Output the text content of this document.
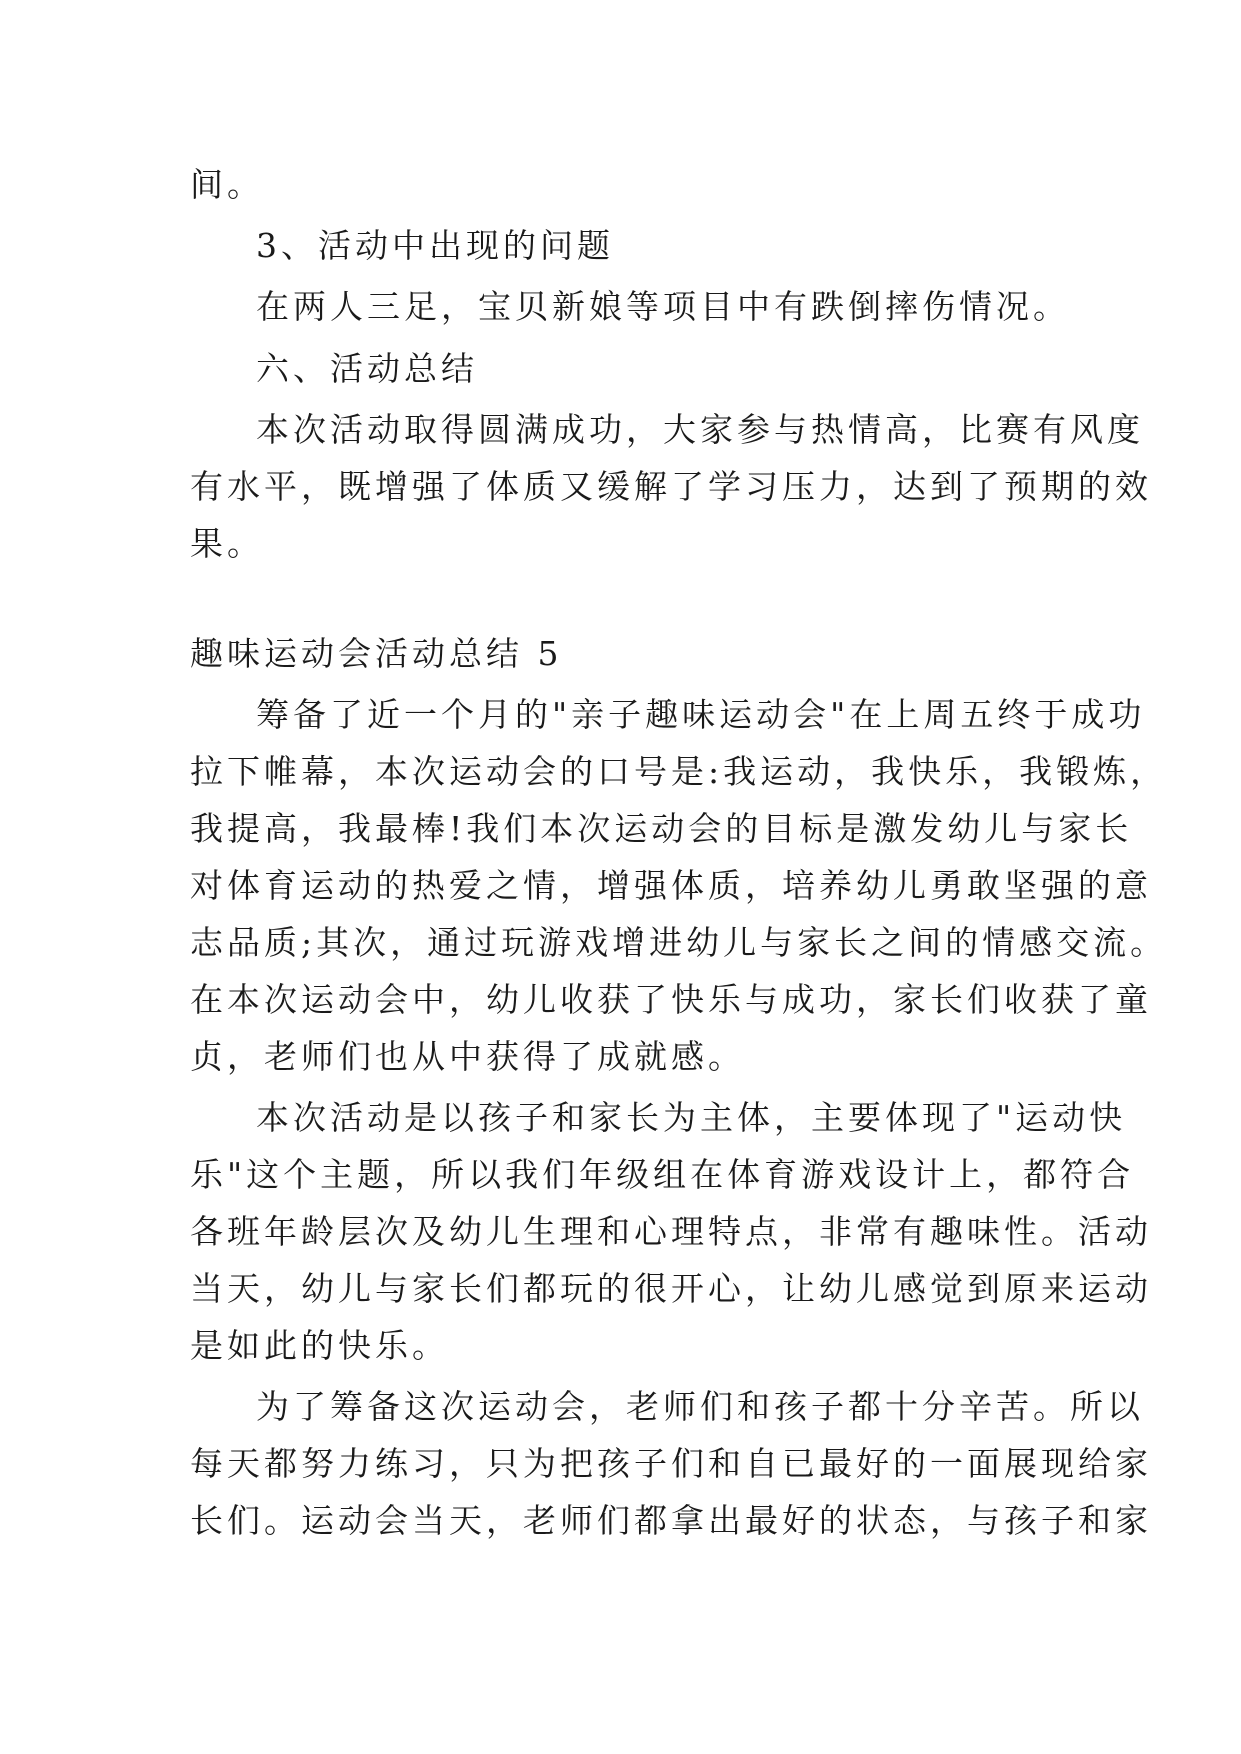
间。
3、活动中出现的问题
在两人三足，宝贝新娘等项目中有跌倒摔伤情况。
六、活动总结
本次活动取得圆满成功，大家参与热情高，比赛有风度
有水平，既增强了体质又缓解了学习压力，达到了预期的效
果。
趣味运动会活动总结 5
筹备了近一个月的"亲子趣味运动会"在上周五终于成功
拉下帷幕，本次运动会的口号是:我运动，我快乐，我锻炼，
我提高，我最棒!我们本次运动会的目标是激发幼儿与家长
对体育运动的热爱之情，增强体质，培养幼儿勇敢坚强的意
志品质;其次，通过玩游戏增进幼儿与家长之间的情感交流。
在本次运动会中，幼儿收获了快乐与成功，家长们收获了童
贞，老师们也从中获得了成就感。
本次活动是以孩子和家长为主体，主要体现了"运动快
乐"这个主题，所以我们年级组在体育游戏设计上，都符合
各班年龄层次及幼儿生理和心理特点，非常有趣味性。活动
当天，幼儿与家长们都玩的很开心，让幼儿感觉到原来运动
是如此的快乐。
为了筹备这次运动会，老师们和孩子都十分辛苦。所以
每天都努力练习，只为把孩子们和自已最好的一面展现给家
长们。运动会当天，老师们都拿出最好的状态，与孩子和家
